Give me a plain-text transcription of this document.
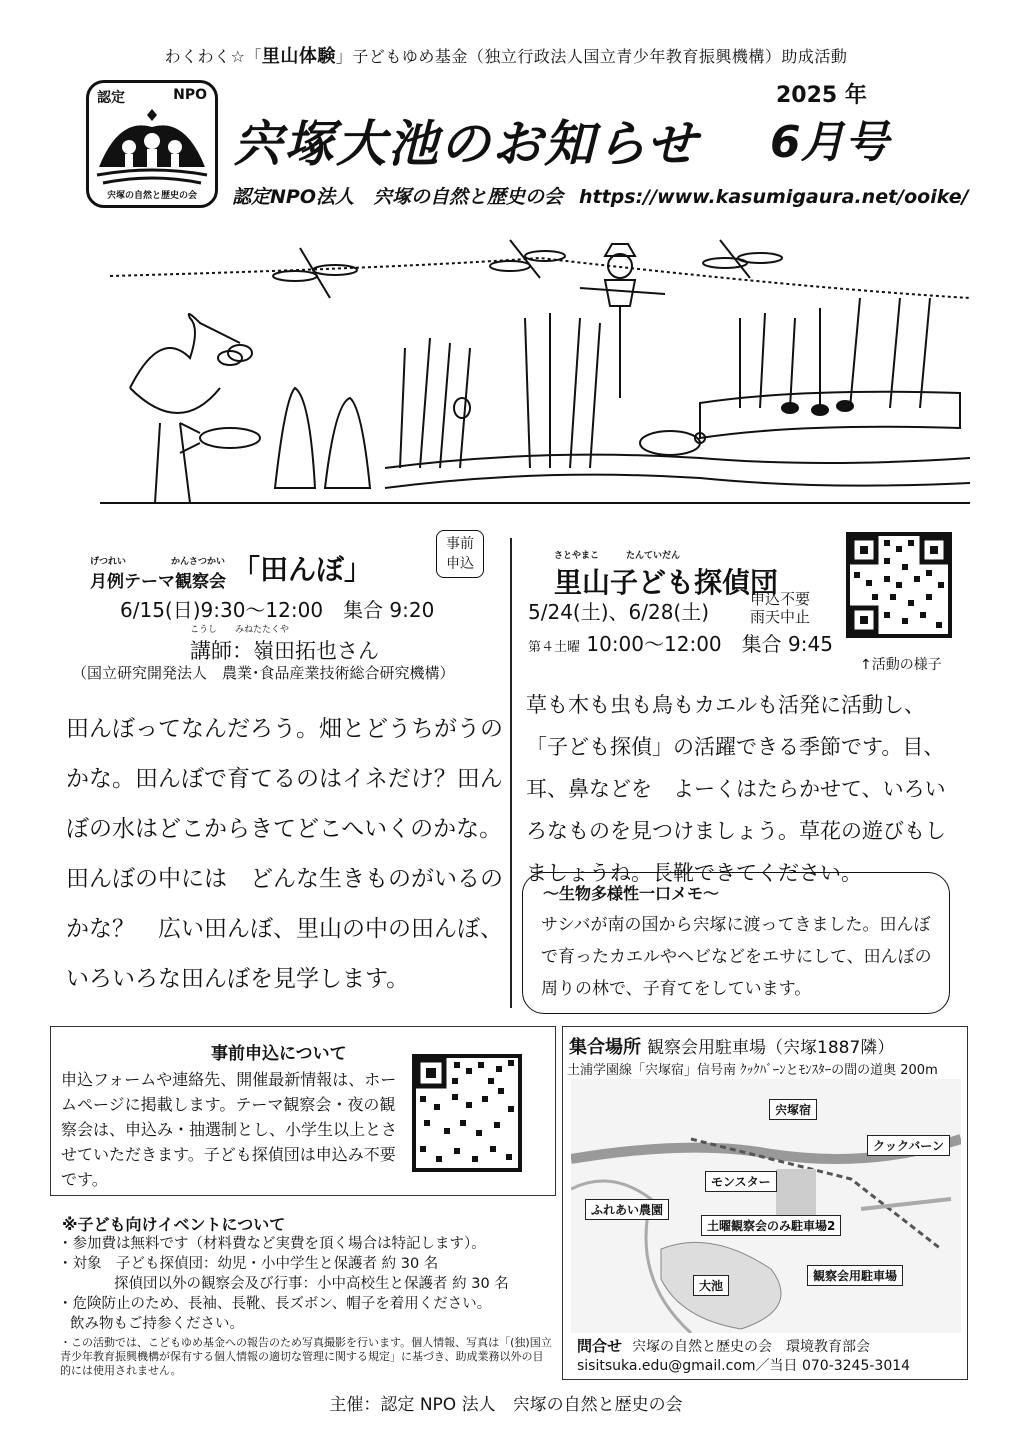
わくわく☆「里山体験」子どもゆめ基金（独立行政法人国立青少年教育振興機構）助成活動
認定	NPO
宍塚の自然と歴史の会
宍塚大池のお知らせ
2025 年
6月号
認定NPO法人　宍塚の自然と歴史の会 https://www.kasumigaura.net/ooike/
げつれい　　　　　かんさつかい
月例テーマ観察会 「田んぼ」
事前
申込
6/15(日)9:30～12:00　集合 9:20
こうし　　みねたたくや
講師：嶺田拓也さん
（国立研究開発法人　農業･食品産業技術総合研究機構）
田んぼってなんだろう。畑とどうちがうのかな。田んぼで育てるのはイネだけ？田んぼの水はどこからきてどこへいくのかな。田んぼの中には　どんな生きものがいるのかな？　広い田んぼ、里山の中の田んぼ、いろいろな田んぼを見学します。
さとやまこ　　　たんていだん
里山子ども探偵団
5/24(土)、6/28(土)
申込不要
雨天中止
第４土曜 10:00～12:00　集合 9:45
↑活動の様子
草も木も虫も鳥もカエルも活発に活動し、「子ども探偵」の活躍できる季節です。目、耳、鼻などを　よーくはたらかせて、いろいろなものを見つけましょう。草花の遊びもしましょうね。長靴できてください。
～生物多様性一口メモ～
サシバが南の国から宍塚に渡ってきました。田んぼで育ったカエルやヘビなどをエサにして、田んぼの周りの林で、子育てをしています。
事前申込について
申込フォームや連絡先、開催最新情報は、ホームページに掲載します。テーマ観察会・夜の観察会は、申込み・抽選制とし、小学生以上とさせていただきます。子ども探偵団は申込み不要です。
※子ども向けイベントについて
・参加費は無料です（材料費など実費を頂く場合は特記します）。
・対象　子ども探偵団：幼児・小中学生と保護者 約 30 名
探偵団以外の観察会及び行事：小中高校生と保護者 約 30 名
・危険防止のため、長袖、長靴、長ズボン、帽子を着用ください。
飲み物もご持参ください。
・この活動では、こどもゆめ基金への報告のため写真撮影を行います。個人情報、写真は「(独)国立青少年教育振興機構が保有する個人情報の適切な管理に関する規定」に基づき、助成業務以外の目的には使用されません。
集合場所 観察会用駐車場（宍塚1887隣）
土浦学園線「宍塚宿」信号南 ｸｯｸﾊﾞｰﾝとﾓﾝｽﾀｰの間の道奥 200m
宍塚宿
クックバーン
モンスター
ふれあい農園
土曜観察会のみ駐車場2
大池
観察会用駐車場
問合せ 宍塚の自然と歴史の会　環境教育部会
sisitsuka.edu@gmail.com／当日 070-3245-3014
主催：認定 NPO 法人　宍塚の自然と歴史の会
